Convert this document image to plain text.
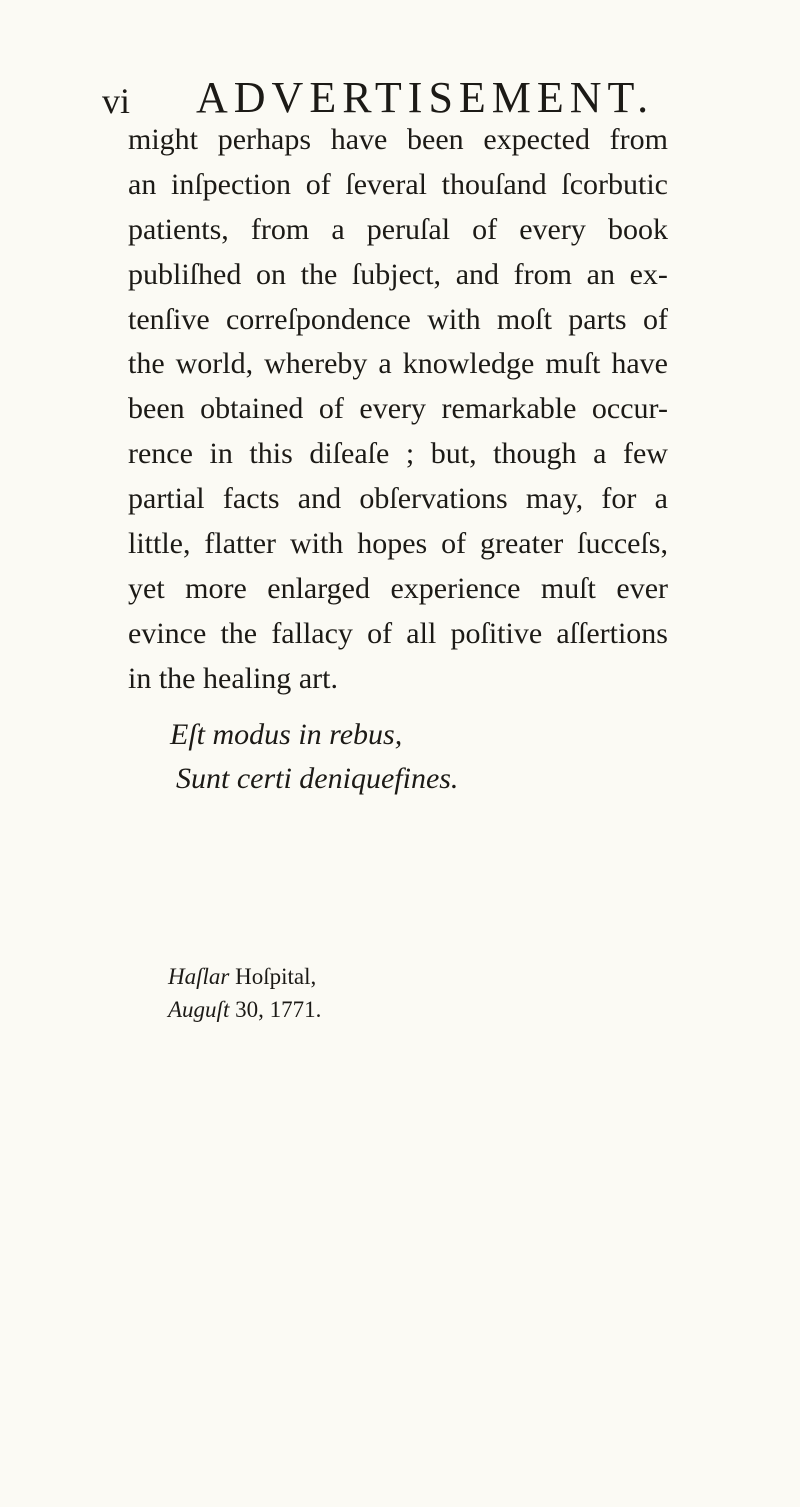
vi ADVERTISEMENT.
might perhaps have been expected from
an inſpection of ſeveral thouſand ſcorbutic
patients, from a peruſal of every book
publiſhed on the ſubject, and from an ex-
tenſive correſpondence with moſt parts of
the world, whereby a knowledge muſt have
been obtained of every remarkable occur-
rence in this diſeaſe ; but, though a few
partial facts and obſervations may, for a
little, flatter with hopes of greater ſucceſs,
yet more enlarged experience muſt ever
evince the fallacy of all poſitive aſſertions
in
the
healing
art.
Eſt modus in rebus,
Sunt certi deniquefines.
Haſlar Hoſpital,
Auguſt 30, 1771.
